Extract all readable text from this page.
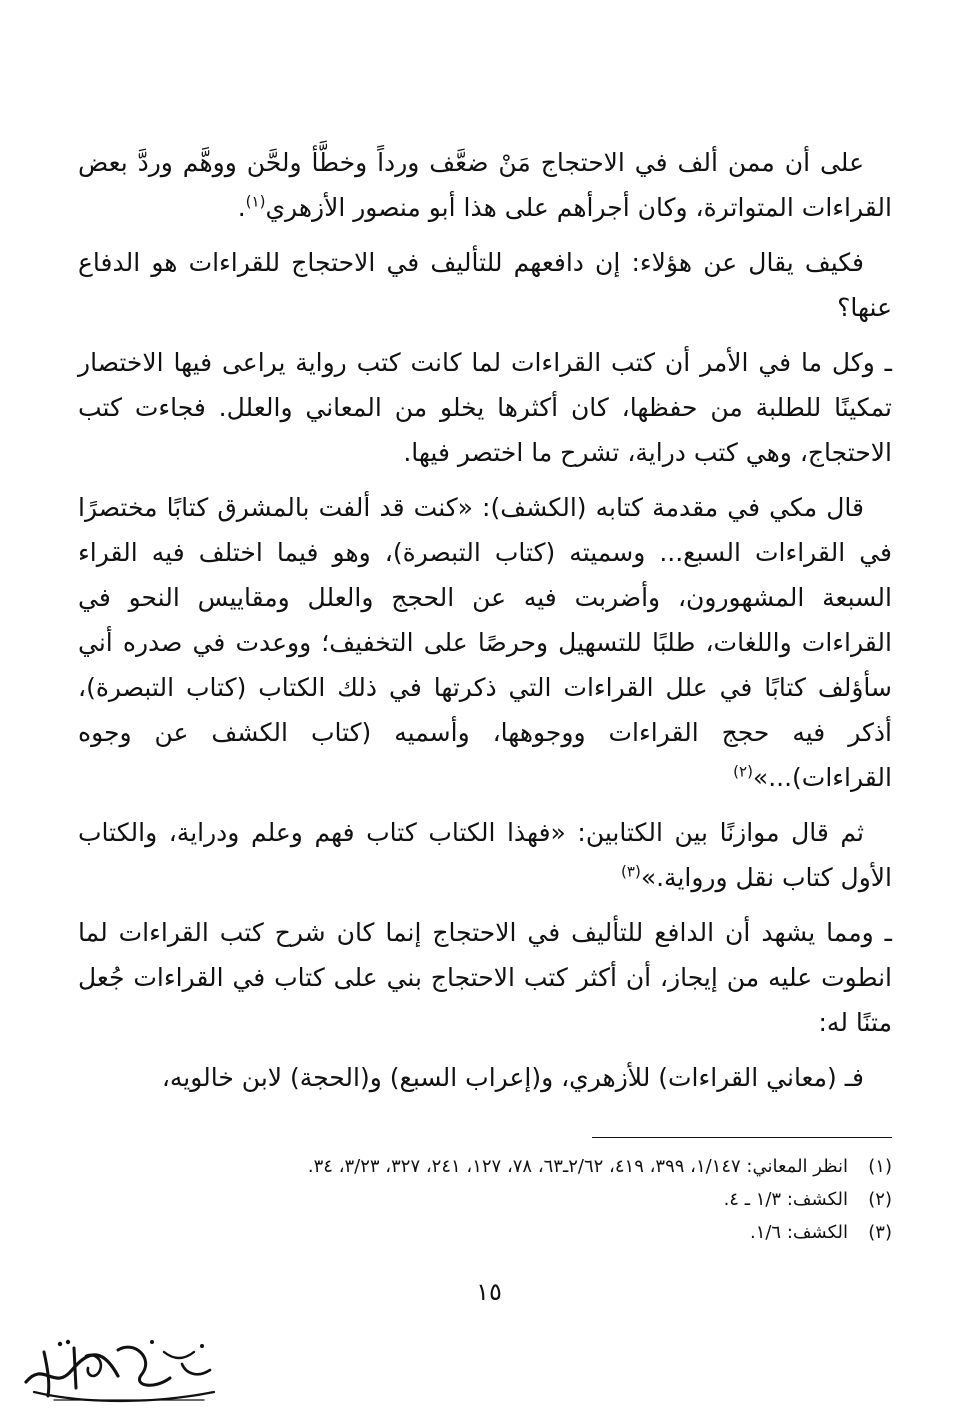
على أن ممن ألف في الاحتجاج مَنْ ضعَّف ورداً وخطَّأ ولحَّن ووهَّم وردَّ بعض القراءات المتواترة، وكان أجرأهم على هذا أبو منصور الأزهري$^{(١)}$.

فكيف يقال عن هؤلاء: إن دافعهم للتأليف في الاحتجاج للقراءات هو الدفاع عنها؟

ـ وكل ما في الأمر أن كتب القراءات لما كانت كتب رواية يراعى فيها الاختصار تمكينًا للطلبة من حفظها، كان أكثرها يخلو من المعاني والعلل. فجاءت كتب الاحتجاج، وهي كتب دراية، تشرح ما اختصر فيها.

قال مكي في مقدمة كتابه (الكشف): «كنت قد ألفت بالمشرق كتابًا مختصرًا في القراءات السبع... وسميته (كتاب التبصرة)، وهو فيما اختلف فيه القراء السبعة المشهورون، وأضربت فيه عن الحجج والعلل ومقاييس النحو في القراءات واللغات، طلبًا للتسهيل وحرصًا على التخفيف؛ ووعدت في صدره أني سأؤلف كتابًا في علل القراءات التي ذكرتها في ذلك الكتاب (كتاب التبصرة)، أذكر فيه حجج القراءات ووجوهها، وأسميه (كتاب الكشف عن وجوه القراءات)...»$^{(٢)}$

ثم قال موازنًا بين الكتابين: «فهذا الكتاب كتاب فهم وعلم ودراية، والكتاب الأول كتاب نقل ورواية.»$^{(٣)}$

ـ ومما يشهد أن الدافع للتأليف في الاحتجاج إنما كان شرح كتب القراءات لما انطوت عليه من إيجاز، أن أكثر كتب الاحتجاج بني على كتاب في القراءات جُعل متنًا له:

فـ (معاني القراءات) للأزهري، و(إعراب السبع) و(الحجة) لابن خالويه،

(١)
انظر المعاني: ١/١٤٧، ٣٩٩، ٤١٩، ٢/٦٢ـ٦٣، ٧٨، ١٢٧، ٢٤١، ٣٢٧، ٣/٢٣، ٣٤.
(٢)
الكشف: ١/٣ ـ ٤.
(٣)
الكشف: ١/٦.
١٥
